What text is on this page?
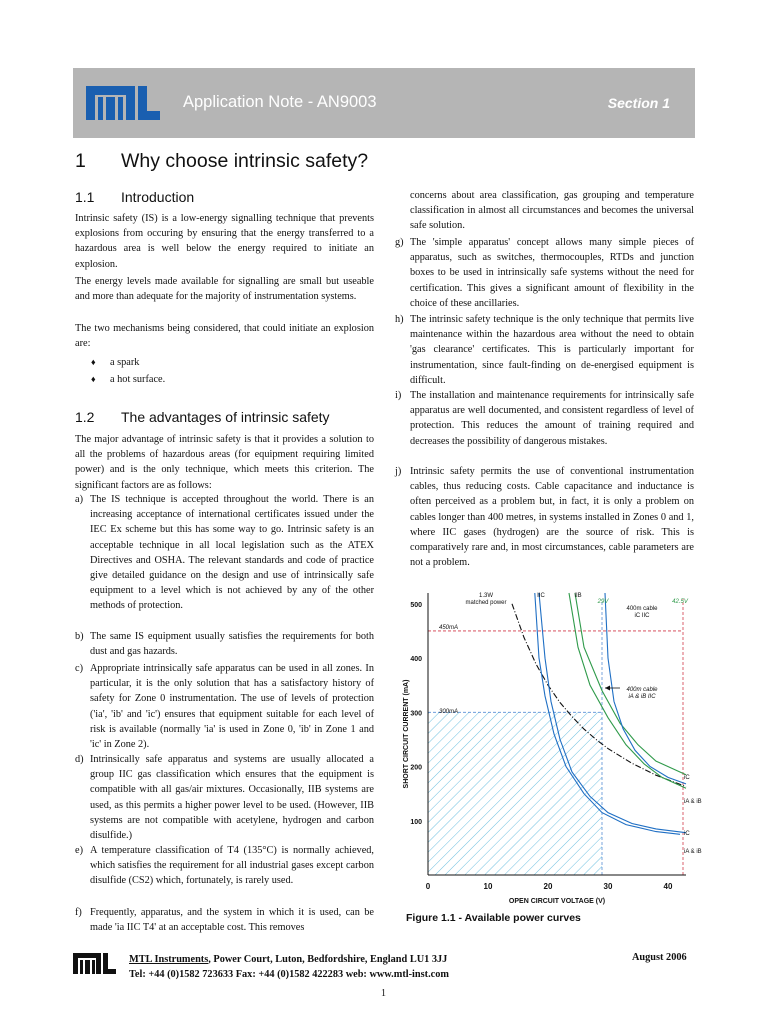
Application Note - AN9003	Section 1
1 Why choose intrinsic safety?
1.1 Introduction

Intrinsic safety (IS) is a low-energy signalling technique that prevents explosions from occuring by ensuring that the energy transferred to a hazardous area is well below the energy required to initiate an explosion.

The energy levels made available for signalling are small but useable and more than adequate for the majority of instrumentation systems.

The two mechanisms being considered, that could initiate an explosion are:

♦ a spark
♦ a hot surface.
1.2 The advantages of intrinsic safety

The major advantage of intrinsic safety is that it provides a solution to all the problems of hazardous areas (for equipment requiring limited power) and is the only technique, which meets this criterion. The significant factors are as follows:

a) The IS technique is accepted throughout the world. There is an increasing acceptance of international certificates issued under the IEC Ex scheme but this has some way to go. Intrinsic safety is an acceptable technique in all local legislation such as the ATEX Directives and OSHA. The relevant standards and code of practice give detailed guidance on the design and use of intrinsically safe equipment to a level which is not achieved by any of the other methods of protection.
b) The same IS equipment usually satisfies the requirements for both dust and gas hazards.
c) Appropriate intrinsically safe apparatus can be used in all zones. In particular, it is the only solution that has a satisfactory history of safety for Zone 0 instrumentation. The use of levels of protection ('ia', 'ib' and 'ic') ensures that equipment suitable for each level of risk is available (normally 'ia' is used in Zone 0, 'ib' in Zone 1 and 'ic' in Zone 2).
d) Intrinsically safe apparatus and systems are usually allocated a group IIC gas classification which ensures that the equipment is compatible with all gas/air mixtures. Occasionally, IIB systems are used, as this permits a higher power level to be used. (However, IIB systems are not compatible with acetylene, hydrogen and carbon disulfide.)
e) A temperature classification of T4 (135°C) is normally achieved, which satisfies the requirement for all industrial gases except carbon disulfide (CS2) which, fortunately, is rarely used.
f) Frequently, apparatus, and the system in which it is used, can be made 'ia IIC T4' at an acceptable cost. This removes

concerns about area classification, gas grouping and temperature classification in almost all circumstances and becomes the universal safe solution.

g) The 'simple apparatus' concept allows many simple pieces of apparatus, such as switches, thermocouples, RTDs and junction boxes to be used in intrinsically safe systems without the need for certification. This gives a significant amount of flexibility in the choice of these ancillaries.
h) The intrinsic safety technique is the only technique that permits live maintenance within the hazardous area without the need to obtain 'gas clearance' certificates. This is particularly important for instrumentation, since fault-finding on de-energised equipment is difficult.
i) The installation and maintenance requirements for intrinsically safe apparatus are well documented, and consistent regardless of level of protection. This reduces the amount of training required and decreases the possibility of dangerous mistakes.
j) Intrinsic safety permits the use of conventional instrumentation cables, thus reducing costs. Cable capacitance and inductance is often perceived as a problem but, in fact, it is only a problem on cables longer than 400 metres, in systems installed in Zones 0 and 1, where IIC gases (hydrogen) are the source of risk. This is comparatively rare and, in most circumstances, cable parameters are not a problem.
0	10	20	30	40
100
200
300
400
500
OPEN CIRCUIT VOLTAGE (V)
SHORT CIRCUIT CURRENT (mA)
1.3W
matched power
IIC	IIB
29V	42.5V
400m cable
iC IIC
400m cable
iA & iB IIC
450mA
300mA
iC
iA & iB
iC
iA & iB
Figure 1.1 - Available power curves
MTL Instruments, Power Court, Luton, Bedfordshire, England LU1 3JJ
Tel: +44 (0)1582 723633 Fax: +44 (0)1582 422283 web: www.mtl-inst.com
August 2006
1
